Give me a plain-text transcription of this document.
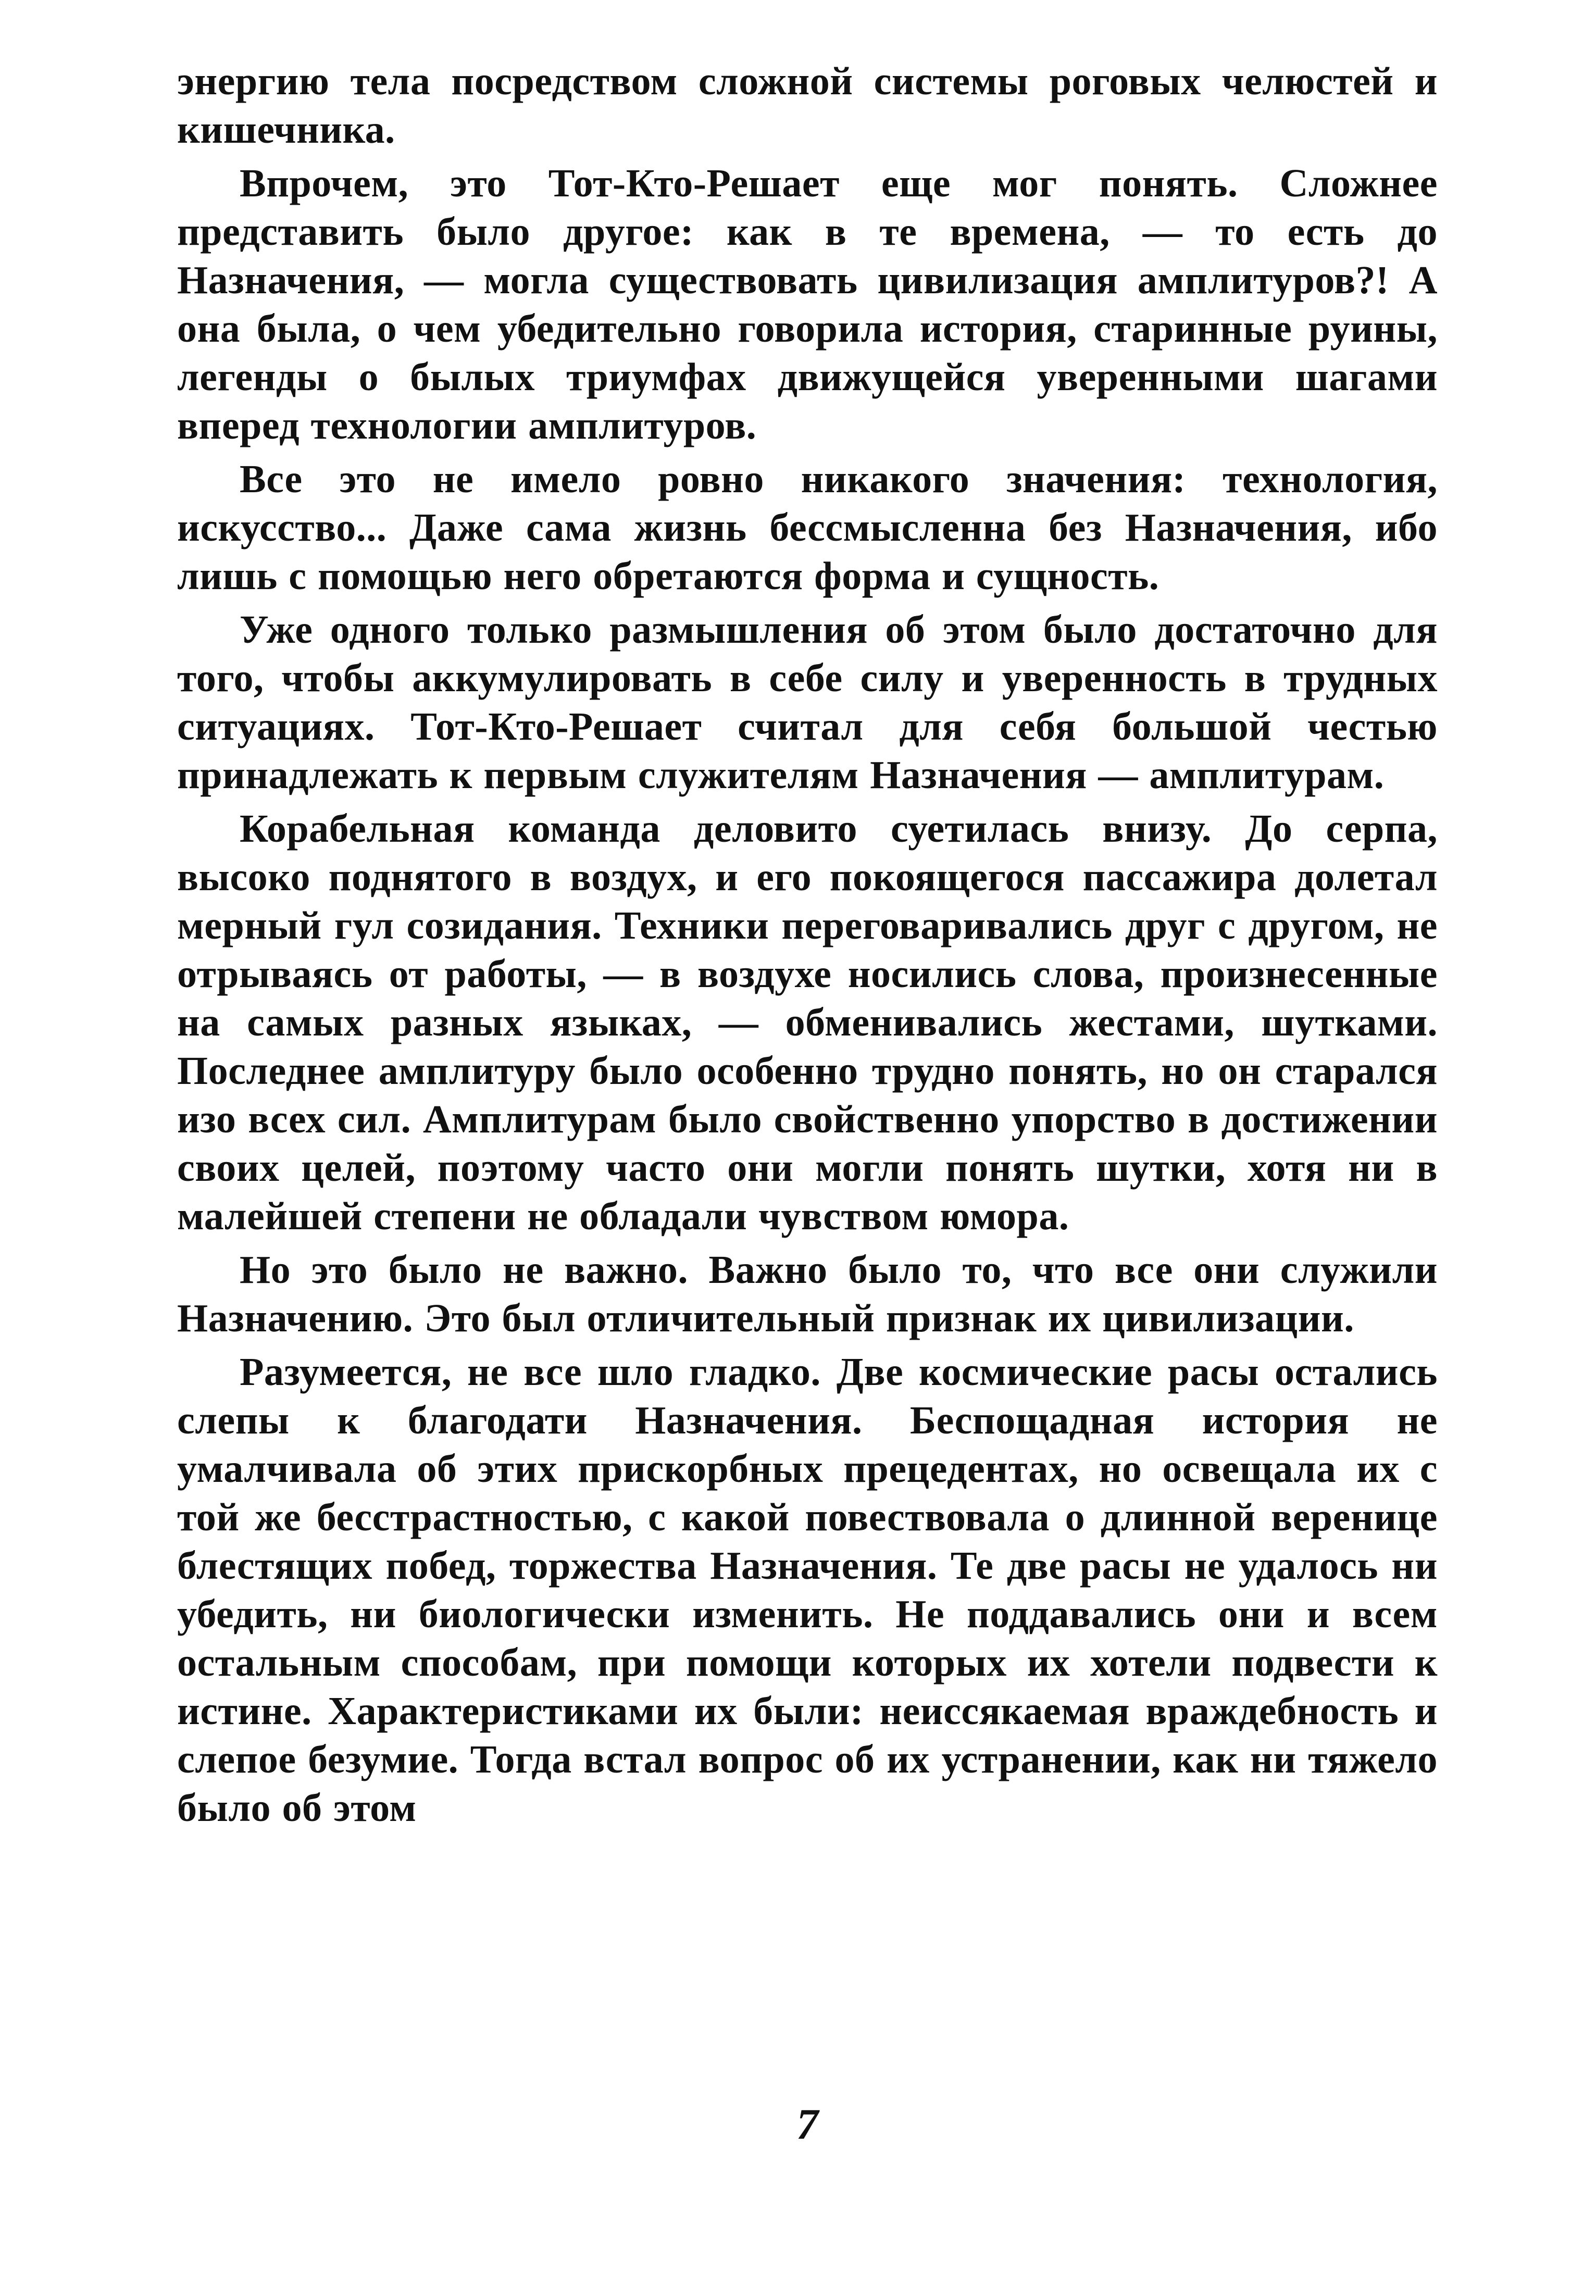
энергию тела посредством сложной системы роговых челюстей и кишечника.

Впрочем, это Тот-Кто-Решает еще мог понять. Сложнее представить было другое: как в те времена, — то есть до Назначения, — могла существовать цивилизация амплитуров?! А она была, о чем убедительно говорила история, старинные руины, легенды о былых триумфах движущейся уверенными шагами вперед технологии амплитуров.

Все это не имело ровно никакого значения: технология, искусство... Даже сама жизнь бессмысленна без Назначения, ибо лишь с помощью него обретаются форма и сущность.

Уже одного только размышления об этом было достаточно для того, чтобы аккумулировать в себе силу и уверенность в трудных ситуациях. Тот-Кто-Решает считал для себя большой честью принадлежать к первым служителям Назначения — амплитурам.

Корабельная команда деловито суетилась внизу. До серпа, высоко поднятого в воздух, и его покоящегося пассажира долетал мерный гул созидания. Техники переговаривались друг с другом, не отрываясь от работы, — в воздухе носились слова, произнесенные на самых разных языках, — обменивались жестами, шутками. Последнее амплитуру было особенно трудно понять, но он старался изо всех сил. Амплитурам было свойственно упорство в достижении своих целей, поэтому часто они могли понять шутки, хотя ни в малейшей степени не обладали чувством юмора.

Но это было не важно. Важно было то, что все они служили Назначению. Это был отличительный признак их цивилизации.

Разумеется, не все шло гладко. Две космические расы остались слепы к благодати Назначения. Беспощадная история не умалчивала об этих прискорбных прецедентах, но освещала их с той же бесстрастностью, с какой повествовала о длинной веренице блестящих побед, торжества Назначения. Те две расы не удалось ни убедить, ни биологически изменить. Не поддавались они и всем остальным способам, при помощи которых их хотели подвести к истине. Характеристиками их были: неиссякаемая враждебность и слепое безумие. Тогда встал вопрос об их устранении, как ни тяжело было об этом

7
